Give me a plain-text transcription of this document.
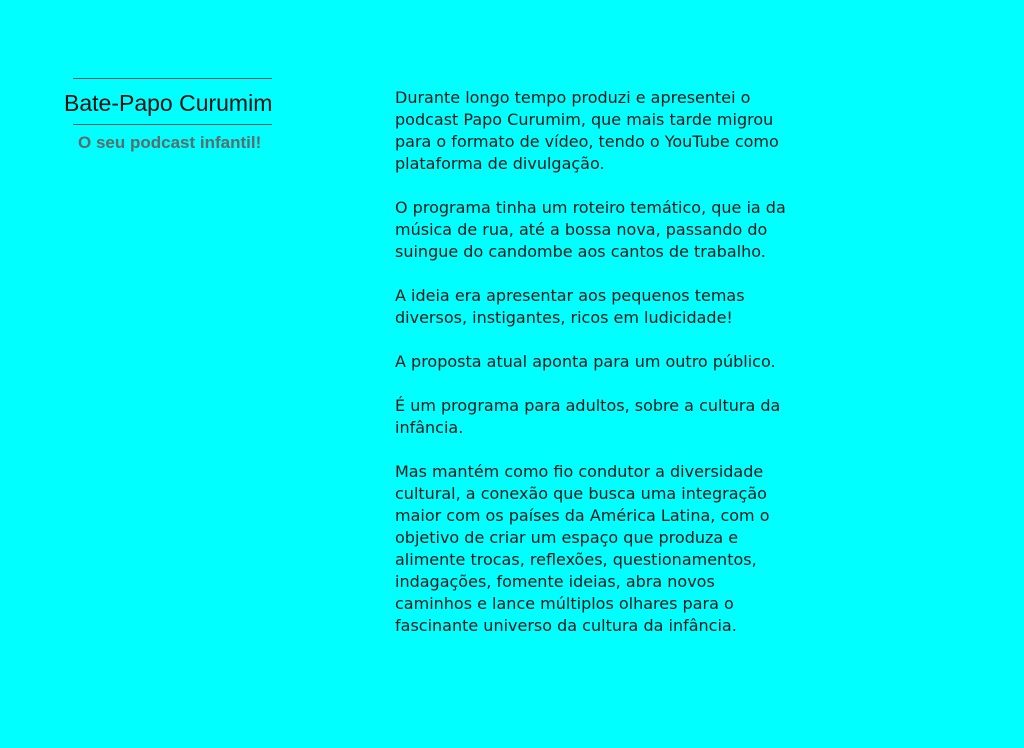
Bate-Papo Curumim
O seu podcast infantil!

Durante longo tempo produzi e apresentei o podcast Papo Curumim, que mais tarde migrou para o formato de vídeo, tendo o YouTube como plataforma de divulgação.

O programa tinha um roteiro temático, que ia da música de rua, até a bossa nova, passando do suingue do candombe aos cantos de trabalho.

A ideia era apresentar aos pequenos temas diversos, instigantes, ricos em ludicidade!

A proposta atual aponta para um outro público.

É um programa para adultos, sobre a cultura da infância.

Mas mantém como fio condutor a diversidade cultural, a conexão que busca uma integração maior com os países da América Latina, com o objetivo de criar um espaço que produza e alimente trocas, reflexões, questionamentos, indagações, fomente ideias, abra novos caminhos e lance múltiplos olhares para o fascinante universo da cultura da infância.
